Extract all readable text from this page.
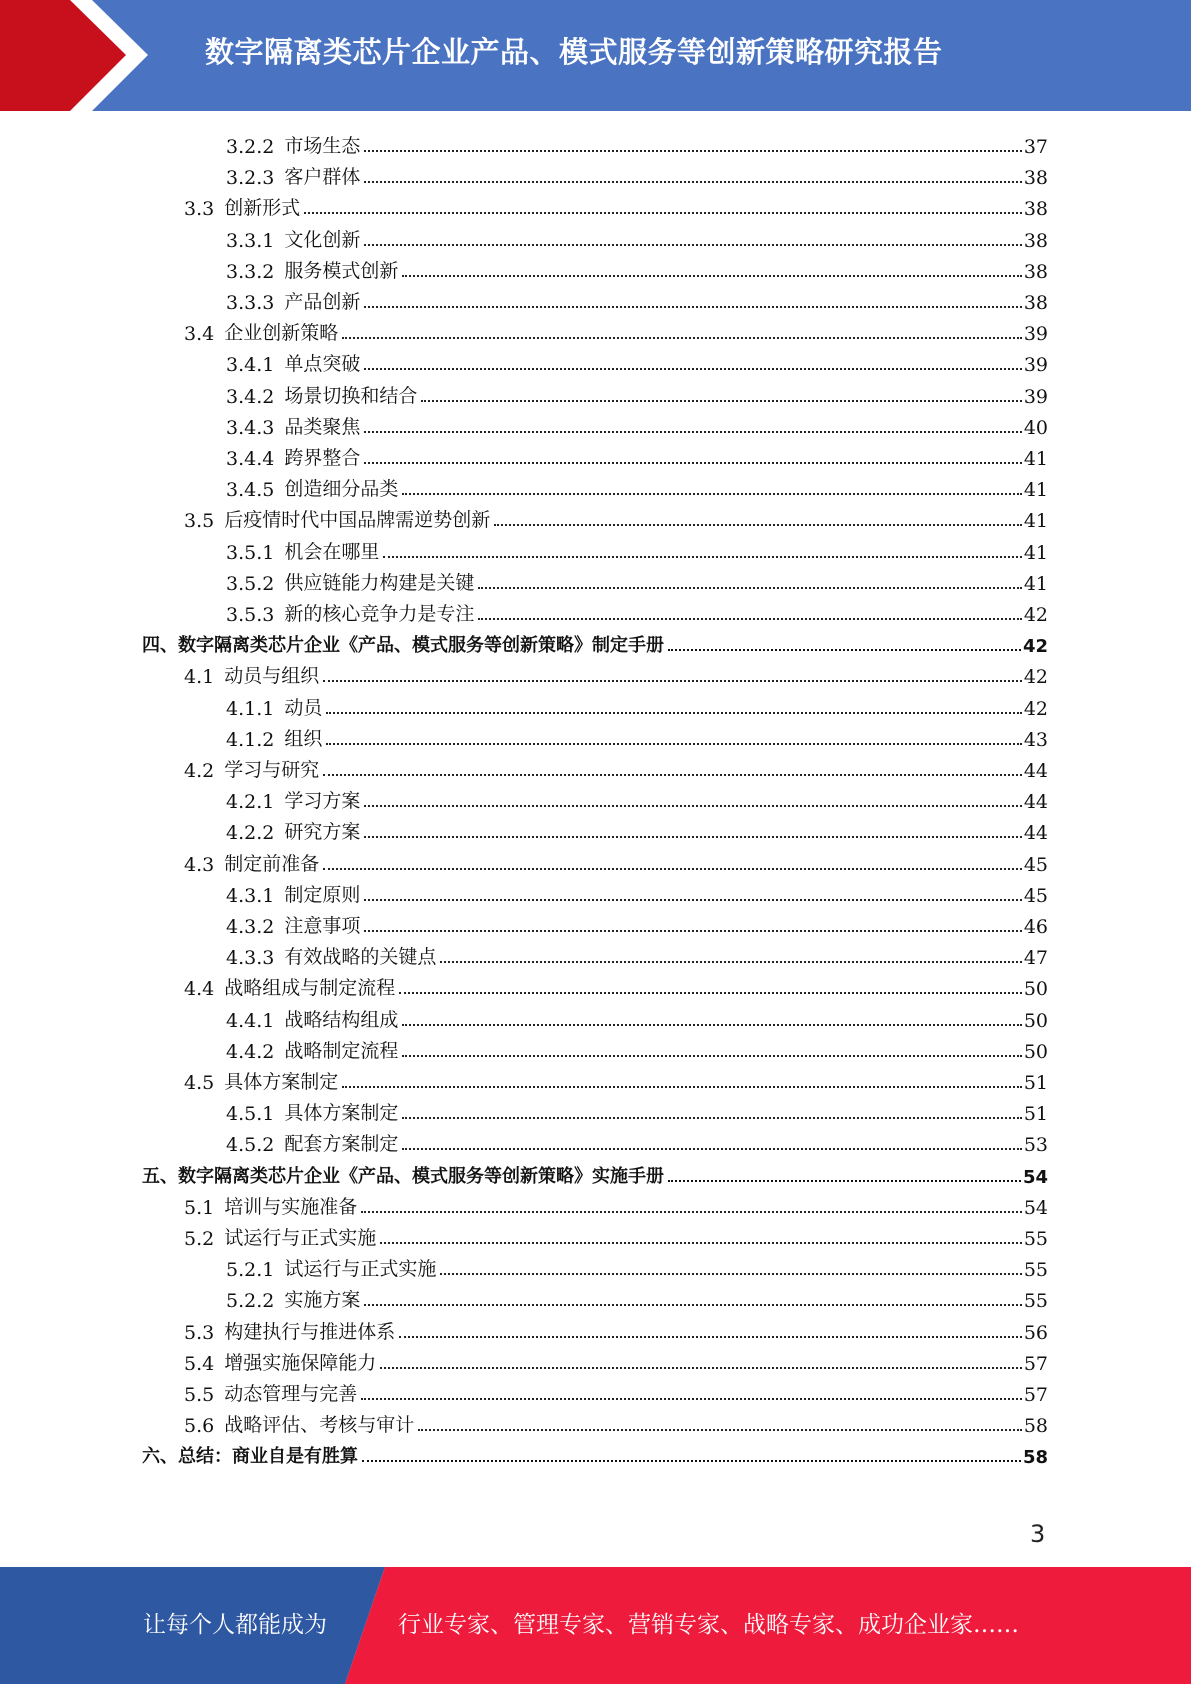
数字隔离类芯片企业产品、模式服务等创新策略研究报告
3.2.2 市场生态	37
3.2.3 客户群体	38
3.3 创新形式	38
3.3.1 文化创新	38
3.3.2 服务模式创新	38
3.3.3 产品创新	38
3.4 企业创新策略	39
3.4.1 单点突破	39
3.4.2 场景切换和结合	39
3.4.3 品类聚焦	40
3.4.4 跨界整合	41
3.4.5 创造细分品类	41
3.5 后疫情时代中国品牌需逆势创新	41
3.5.1 机会在哪里	41
3.5.2 供应链能力构建是关键	41
3.5.3 新的核心竞争力是专注	42
四、 数字隔离类芯片企业《产品、模式服务等创新策略》制定手册	42
4.1 动员与组织	42
4.1.1 动员	42
4.1.2 组织	43
4.2 学习与研究	44
4.2.1 学习方案	44
4.2.2 研究方案	44
4.3 制定前准备	45
4.3.1 制定原则	45
4.3.2 注意事项	46
4.3.3 有效战略的关键点	47
4.4 战略组成与制定流程	50
4.4.1 战略结构组成	50
4.4.2 战略制定流程	50
4.5 具体方案制定	51
4.5.1 具体方案制定	51
4.5.2 配套方案制定	53
五、 数字隔离类芯片企业《产品、模式服务等创新策略》实施手册	54
5.1 培训与实施准备	54
5.2 试运行与正式实施	55
5.2.1 试运行与正式实施	55
5.2.2 实施方案	55
5.3 构建执行与推进体系	56
5.4 增强实施保障能力	57
5.5 动态管理与完善	57
5.6 战略评估、考核与审计	58
六、 总结：商业自是有胜算	58
3
让每个人都能成为	行业专家、管理专家、营销专家、战略专家、成功企业家……
